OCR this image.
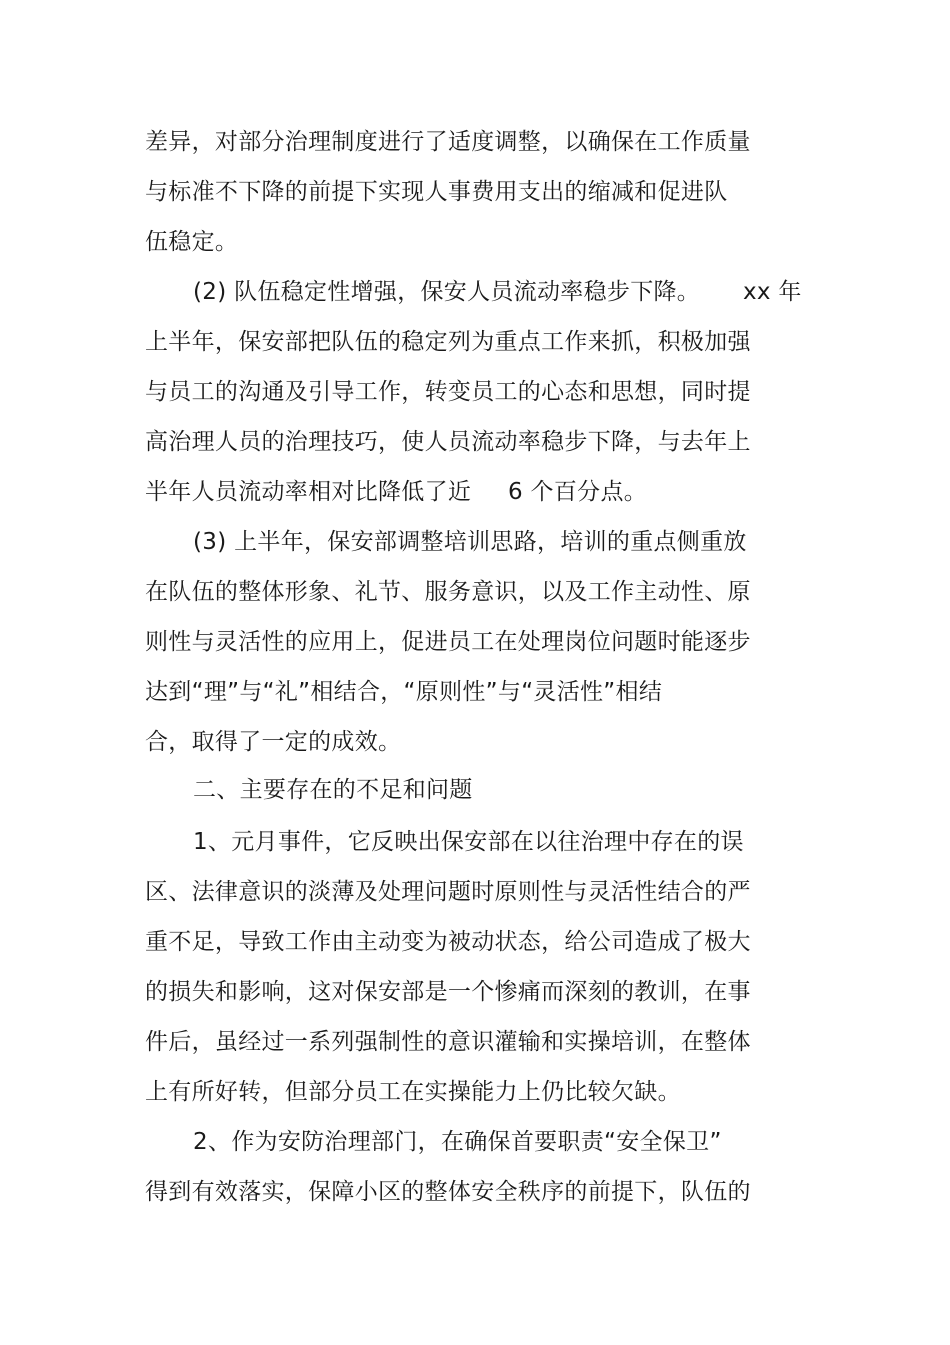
差异，对部分治理制度进行了适度调整，以确保在工作质量
与标准不下降的前提下实现人事费用支出的缩减和促进队
伍稳定。
(2) 队伍稳定性增强，保安人员流动率稳步下降。 xx 年
上半年，保安部把队伍的稳定列为重点工作来抓，积极加强
与员工的沟通及引导工作，转变员工的心态和思想，同时提
高治理人员的治理技巧，使人员流动率稳步下降，与去年上
半年人员流动率相对比降低了近 6 个百分点。
(3) 上半年，保安部调整培训思路，培训的重点侧重放
在队伍的整体形象、礼节、服务意识，以及工作主动性、原
则性与灵活性的应用上，促进员工在处理岗位问题时能逐步
达到“理”与“礼”相结合，“原则性”与“灵活性”相结
合，取得了一定的成效。
二、主要存在的不足和问题
1、元月事件，它反映出保安部在以往治理中存在的误
区、法律意识的淡薄及处理问题时原则性与灵活性结合的严
重不足，导致工作由主动变为被动状态，给公司造成了极大
的损失和影响，这对保安部是一个惨痛而深刻的教训，在事
件后，虽经过一系列强制性的意识灌输和实操培训，在整体
上有所好转，但部分员工在实操能力上仍比较欠缺。
2、作为安防治理部门，在确保首要职责“安全保卫”
得到有效落实，保障小区的整体安全秩序的前提下，队伍的
